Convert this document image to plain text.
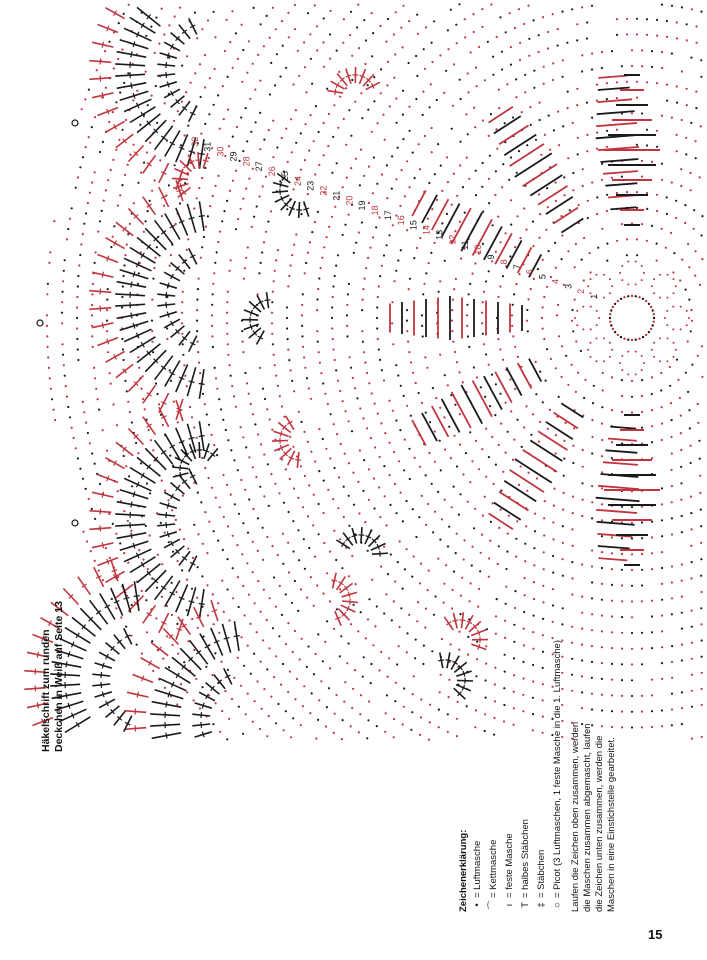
1
2
3
4
5
6
7
8
9
10
11
12
13
14
15
16
17
18
19
20
21
22
23
24
25
26
27
28
29
30
31
32
Häkelschrift zum runden Deckchen in Weiß auf Seite 13
Zeichenerklärung: •
= Luftmasche
⌒
= Kettmasche
ı
= feste Masche
T
= halbes Stäbchen
‡
= Stäbchen
○
= Picot (3 Luftmaschen, 1 feste Masche in die 1. Luftmasche) Laufen die Zeichen oben zusammen, werden die Maschen zusammen abgemascht, laufen die Zeichen unten zusammen, werden die Maschen in eine Einstichstelle gearbeitet.
15
